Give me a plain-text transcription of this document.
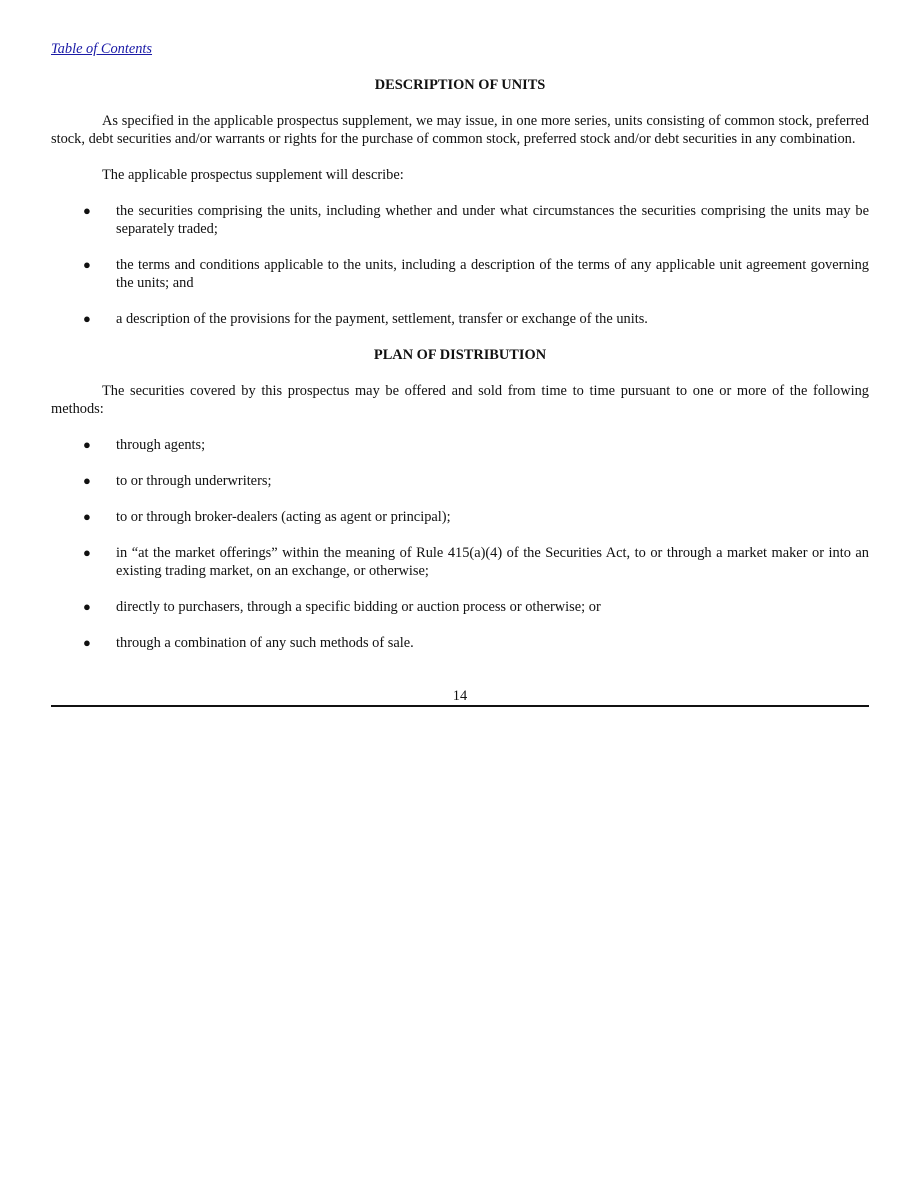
Table of Contents
DESCRIPTION OF UNITS

As specified in the applicable prospectus supplement, we may issue, in one more series, units consisting of common stock, preferred stock, debt securities and/or warrants or rights for the purchase of common stock, preferred stock and/or debt securities in any combination.

The applicable prospectus supplement will describe:

● the securities comprising the units, including whether and under what circumstances the securities comprising the units may be separately traded;
● the terms and conditions applicable to the units, including a description of the terms of any applicable unit agreement governing the units; and
● a description of the provisions for the payment, settlement, transfer or exchange of the units.
PLAN OF DISTRIBUTION

The securities covered by this prospectus may be offered and sold from time to time pursuant to one or more of the following methods:

● through agents;
● to or through underwriters;
● to or through broker-dealers (acting as agent or principal);
● in “at the market offerings” within the meaning of Rule 415(a)(4) of the Securities Act, to or through a market maker or into an existing trading market, on an exchange, or otherwise;
● directly to purchasers, through a specific bidding or auction process or otherwise; or
● through a combination of any such methods of sale.

14
